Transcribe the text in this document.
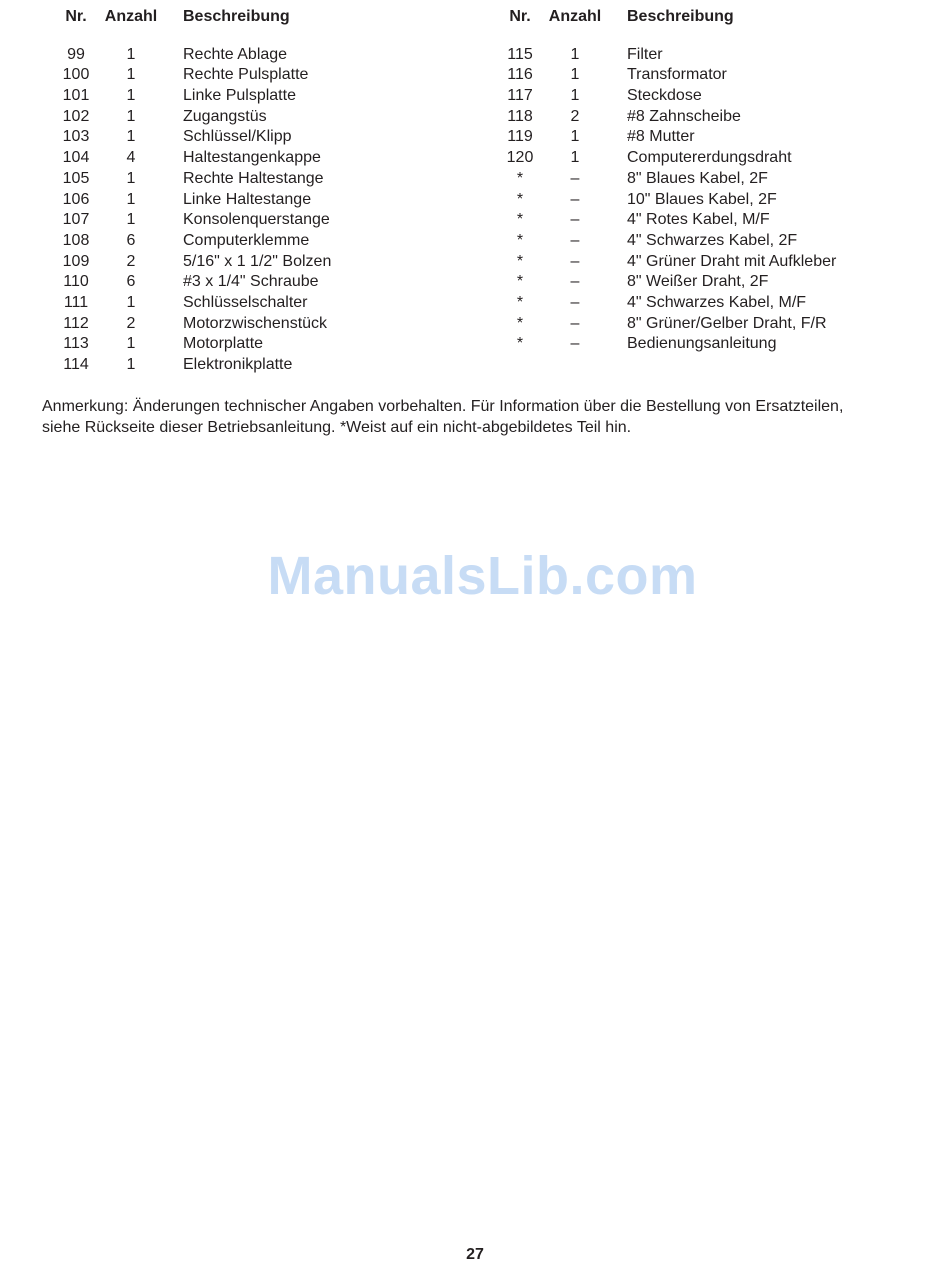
Nr.	Anzahl Beschreibung
99	1	Rechte Ablage
100	1	Rechte Pulsplatte
101	1	Linke Pulsplatte
102	1	Zugangstüs
103	1	Schlüssel/Klipp
104	4	Haltestangenkappe
105	1	Rechte Haltestange
106	1	Linke Haltestange
107	1	Konsolenquerstange
108	6	Computerklemme
109	2	5/16" x 1 1/2" Bolzen
110	6	#3 x 1/4" Schraube
111	1	Schlüsselschalter
112	2	Motorzwischenstück
113	1	Motorplatte
114	1	Elektronikplatte
Nr.	Anzahl Beschreibung
115	1	Filter
116	1	Transformator
117	1	Steckdose
118	2	#8 Zahnscheibe
119	1	#8 Mutter
120	1	Computererdungsdraht
*	–	8" Blaues Kabel, 2F
*	–	10" Blaues Kabel, 2F
*	–	4" Rotes Kabel, M/F
*	–	4" Schwarzes Kabel, 2F
*	–	4" Grüner Draht mit Aufkleber
*	–	8" Weißer Draht, 2F
*	–	4" Schwarzes Kabel, M/F
*	–	8" Grüner/Gelber Draht, F/R
*	–	Bedienungsanleitung

Anmerkung: Änderungen technischer Angaben vorbehalten. Für Information über die Bestellung von Ersatzteilen,

siehe Rückseite dieser Betriebsanleitung. *Weist auf ein nicht-abgebildetes Teil hin.

ManualsLib.com
27
